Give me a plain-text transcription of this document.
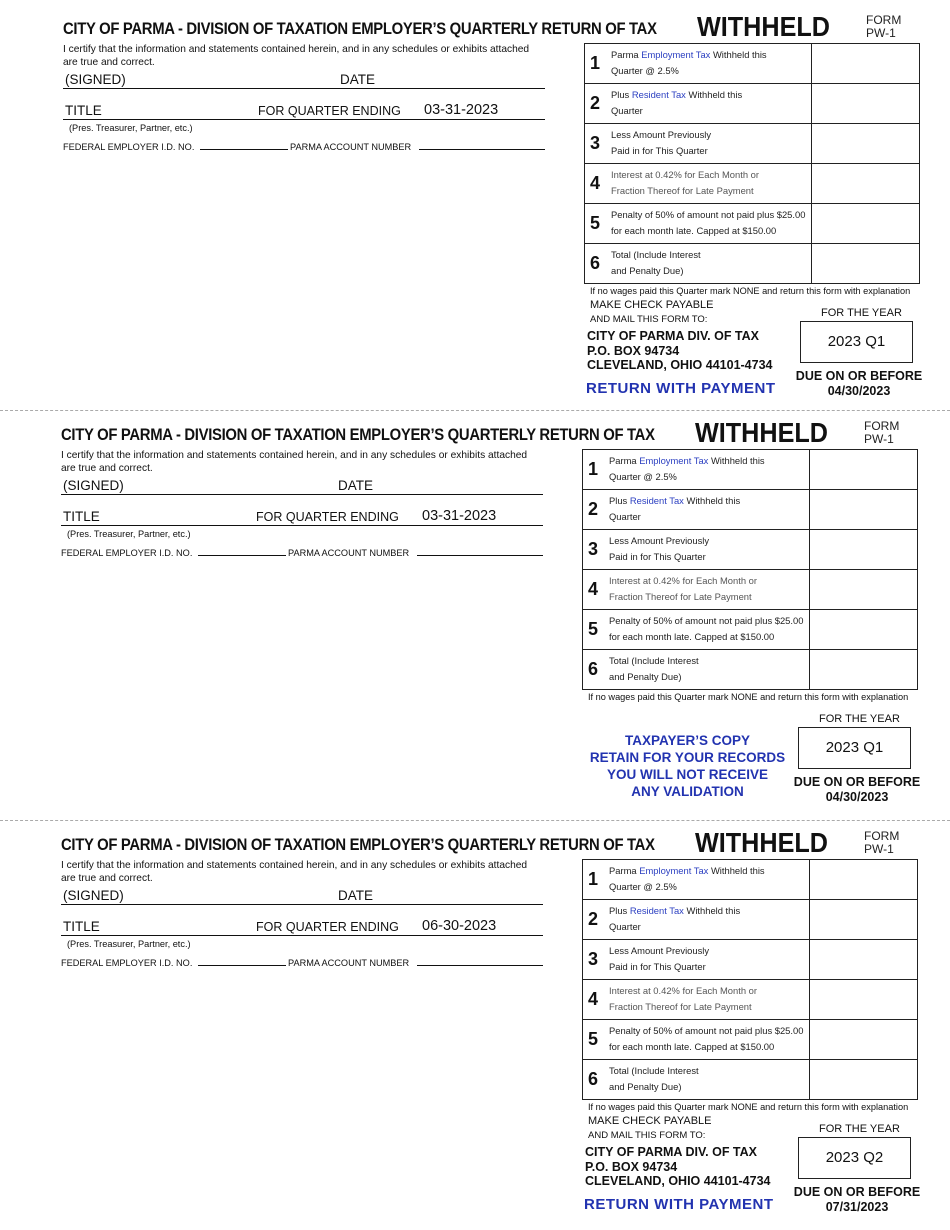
CITY OF PARMA - DIVISION OF TAXATION EMPLOYER’S QUARTERLY RETURN OF TAX WITHHELD	FORM
PW-1
I certify that the information and statements contained herein, and in any schedules or exhibits attached are true and correct.
(SIGNED)	DATE
TITLE	FOR QUARTER ENDING 03-31-2023
(Pres. Treasurer, Partner, etc.)
FEDERAL EMPLOYER I.D. NO.	PARMA ACCOUNT NUMBER
1	Parma Employment Tax Withheld this
Quarter @ 2.5%
2	Plus Resident Tax Withheld this
Quarter
3	Less Amount Previously
Paid in for This Quarter
4	Interest at 0.42% for Each Month or
Fraction Thereof for Late Payment
5	Penalty of 50% of amount not paid plus $25.00
for each month late. Capped at $150.00
6	Total (Include Interest
and Penalty Due)
If no wages paid this Quarter mark NONE and return this form with explanation
MAKE CHECK PAYABLE
AND MAIL THIS FORM TO:
CITY OF PARMA DIV. OF TAX
P.O. BOX 94734
CLEVELAND, OHIO 44101-4734
RETURN WITH PAYMENT
FOR THE YEAR
2023 Q1
DUE ON OR BEFORE
04/30/2023
CITY OF PARMA - DIVISION OF TAXATION EMPLOYER’S QUARTERLY RETURN OF TAX WITHHELD	FORM
PW-1
I certify that the information and statements contained herein, and in any schedules or exhibits attached are true and correct.
(SIGNED)	DATE
TITLE	FOR QUARTER ENDING 03-31-2023
(Pres. Treasurer, Partner, etc.)
FEDERAL EMPLOYER I.D. NO.	PARMA ACCOUNT NUMBER
1	Parma Employment Tax Withheld this
Quarter @ 2.5%
2	Plus Resident Tax Withheld this
Quarter
3	Less Amount Previously
Paid in for This Quarter
4	Interest at 0.42% for Each Month or
Fraction Thereof for Late Payment
5	Penalty of 50% of amount not paid plus $25.00
for each month late. Capped at $150.00
6	Total (Include Interest
and Penalty Due)
If no wages paid this Quarter mark NONE and return this form with explanation
TAXPAYER’S COPY
RETAIN FOR YOUR RECORDS
YOU WILL NOT RECEIVE
ANY VALIDATION
FOR THE YEAR
2023 Q1
DUE ON OR BEFORE
04/30/2023
CITY OF PARMA - DIVISION OF TAXATION EMPLOYER’S QUARTERLY RETURN OF TAX WITHHELD	FORM
PW-1
I certify that the information and statements contained herein, and in any schedules or exhibits attached are true and correct.
(SIGNED)	DATE
TITLE	FOR QUARTER ENDING 06-30-2023
(Pres. Treasurer, Partner, etc.)
FEDERAL EMPLOYER I.D. NO.	PARMA ACCOUNT NUMBER
1	Parma Employment Tax Withheld this
Quarter @ 2.5%
2	Plus Resident Tax Withheld this
Quarter
3	Less Amount Previously
Paid in for This Quarter
4	Interest at 0.42% for Each Month or
Fraction Thereof for Late Payment
5	Penalty of 50% of amount not paid plus $25.00
for each month late. Capped at $150.00
6	Total (Include Interest
and Penalty Due)
If no wages paid this Quarter mark NONE and return this form with explanation
MAKE CHECK PAYABLE
AND MAIL THIS FORM TO:
CITY OF PARMA DIV. OF TAX
P.O. BOX 94734
CLEVELAND, OHIO 44101-4734
RETURN WITH PAYMENT
FOR THE YEAR
2023 Q2
DUE ON OR BEFORE
07/31/2023
